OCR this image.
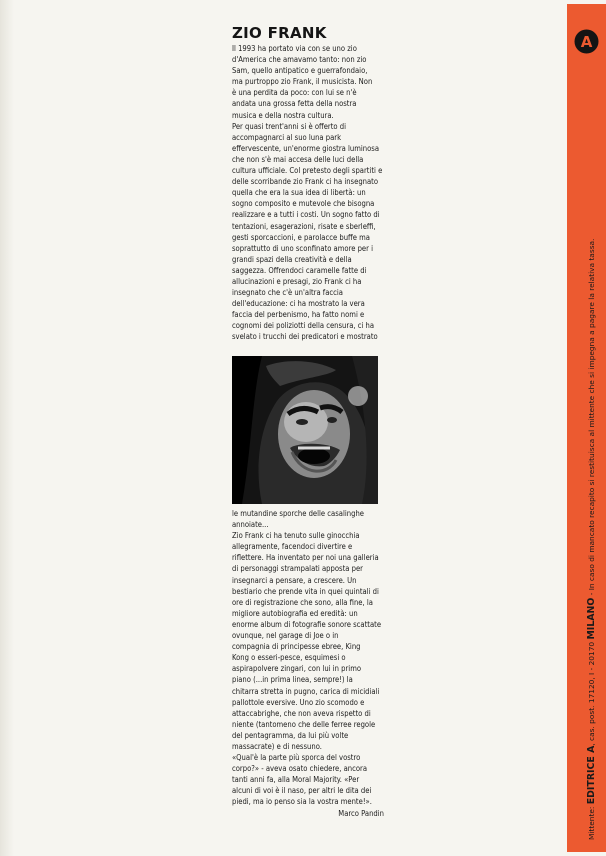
ZIO FRANK
Il 1993 ha portato via con se uno zio
d'America che amavamo tanto: non zio
Sam, quello antipatico e guerrafondaio,
ma purtroppo zio Frank, il musicista. Non
è una perdita da poco: con lui se n'è
andata una grossa fetta della nostra
musica e della nostra cultura.
Per quasi trent'anni si è offerto di
accompagnarci al suo luna park
effervescente, un'enorme giostra luminosa
che non s'è mai accesa delle luci della
cultura ufficiale. Col pretesto degli spartiti e
delle scorribande zio Frank ci ha insegnato
quella che era la sua idea di libertà: un
sogno composito e mutevole che bisogna
realizzare e a tutti i costi. Un sogno fatto di
tentazioni, esagerazioni, risate e sberleffi,
gesti sporcaccioni, e parolacce buffe ma
soprattutto di uno sconfinato amore per i
grandi spazi della creatività e della
saggezza. Offrendoci caramelle fatte di
allucinazioni e presagi, zio Frank ci ha
insegnato che c'è un'altra faccia
dell'educazione: ci ha mostrato la vera
faccia del perbenismo, ha fatto nomi e
cognomi dei poliziotti della censura, ci ha
svelato i trucchi dei predicatori e mostrato
le mutandine sporche delle casalinghe
annoiate...
Zio Frank ci ha tenuto sulle ginocchia
allegramente, facendoci divertire e
riflettere. Ha inventato per noi una galleria
di personaggi strampalati apposta per
insegnarci a pensare, a crescere. Un
bestiario che prende vita in quei quintali di
ore di registrazione che sono, alla fine, la
migliore autobiografia ed eredità: un
enorme album di fotografie sonore scattate
ovunque, nel garage di Joe o in
compagnia di principesse ebree, King
Kong o esseri-pesce, esquimesi o
aspirapolvere zingari, con lui in primo
piano (...in prima linea, sempre!) la
chitarra stretta in pugno, carica di micidiali
pallottole eversive. Uno zio scomodo e
attaccabrighe, che non aveva rispetto di
niente (tantomeno che delle ferree regole
del pentagramma, da lui più volte
massacrate) e di nessuno.
«Qual'è la parte più sporca del vostro
corpo?» - aveva osato chiedere, ancora
tanti anni fa, alla Moral Majority. «Per
alcuni di voi è il naso, per altri le dita dei
piedi, ma io penso sia la vostra mente!».
Marco Pandin
A
Mittente: EDITRICE A, cas. post. 17120, I - 20170 MILANO - In caso di mancato recapito si restituisca al mittente che si impegna a pagare la relativa tassa.
